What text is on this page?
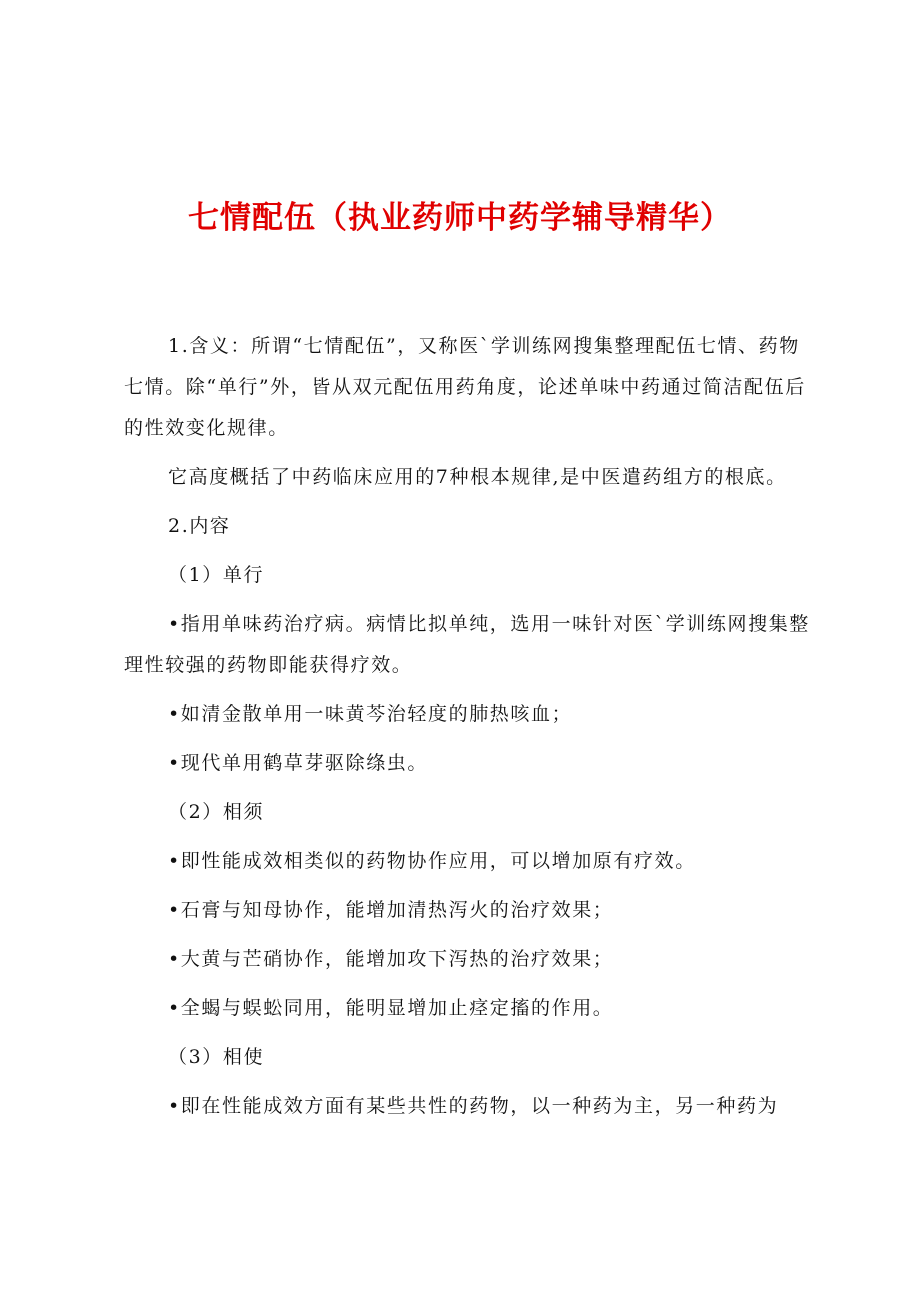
七情配伍（执业药师中药学辅导精华）

1.含义：所谓“七情配伍”，又称医`学训练网搜集整理配伍七情、药物七情。除“单行”外，皆从双元配伍用药角度，论述单味中药通过简洁配伍后的性效变化规律。

它高度概括了中药临床应用的7种根本规律,是中医遣药组方的根底。

2.内容

（1）单行

•指用单味药治疗病。病情比拟单纯，选用一味针对医`学训练网搜集整理性较强的药物即能获得疗效。

•如清金散单用一味黄芩治轻度的肺热咳血；

•现代单用鹤草芽驱除绦虫。

（2）相须

•即性能成效相类似的药物协作应用，可以增加原有疗效。

•石膏与知母协作，能增加清热泻火的治疗效果；

•大黄与芒硝协作，能增加攻下泻热的治疗效果；

•全蝎与蜈蚣同用，能明显增加止痉定搐的作用。

（3）相使

•即在性能成效方面有某些共性的药物，以一种药为主，另一种药为
